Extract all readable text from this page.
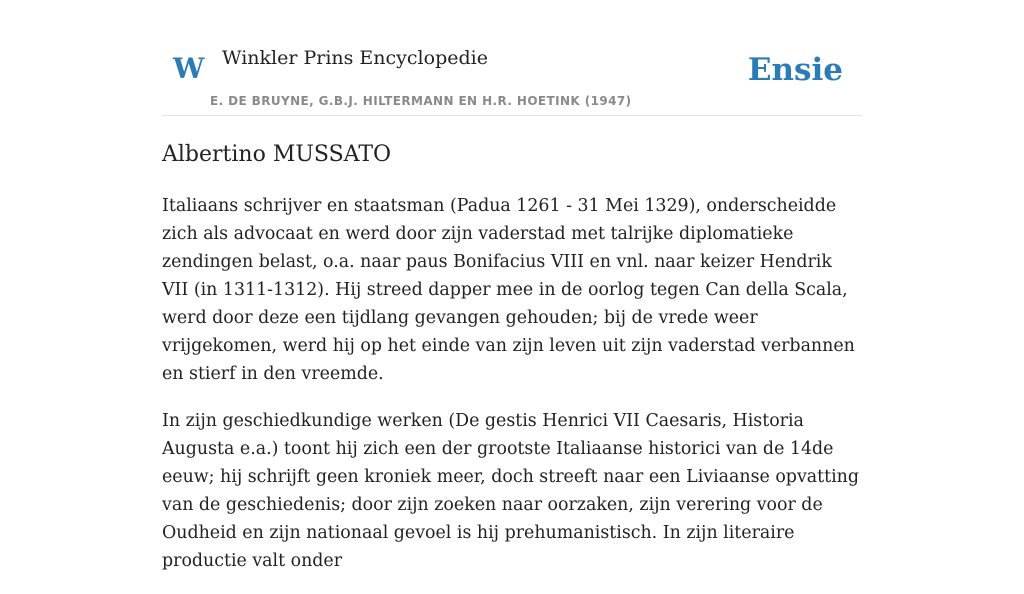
W Winkler Prins Encyclopedie
E. DE BRUYNE, G.B.J. HILTERMANN EN H.R. HOETINK (1947)
Ensie
Albertino MUSSATO

Italiaans schrijver en staatsman (Padua 1261 - 31 Mei 1329), onderscheidde zich als advocaat en werd door zijn vaderstad met talrijke diplomatieke zendingen belast, o.a. naar paus Bonifacius VIII en vnl. naar keizer Hendrik VII (in 1311-1312). Hij streed dapper mee in de oorlog tegen Can della Scala, werd door deze een tijdlang gevangen gehouden; bij de vrede weer vrijgekomen, werd hij op het einde van zijn leven uit zijn vaderstad verbannen en stierf in den vreemde.

In zijn geschiedkundige werken (De gestis Henrici VII Caesaris, Historia Augusta e.a.) toont hij zich een der grootste Italiaanse historici van de 14de eeuw; hij schrijft geen kroniek meer, doch streeft naar een Liviaanse opvatting van de geschiedenis; door zijn zoeken naar oorzaken, zijn verering voor de Oudheid en zijn nationaal gevoel is hij prehumanistisch. In zijn literaire productie valt onder
